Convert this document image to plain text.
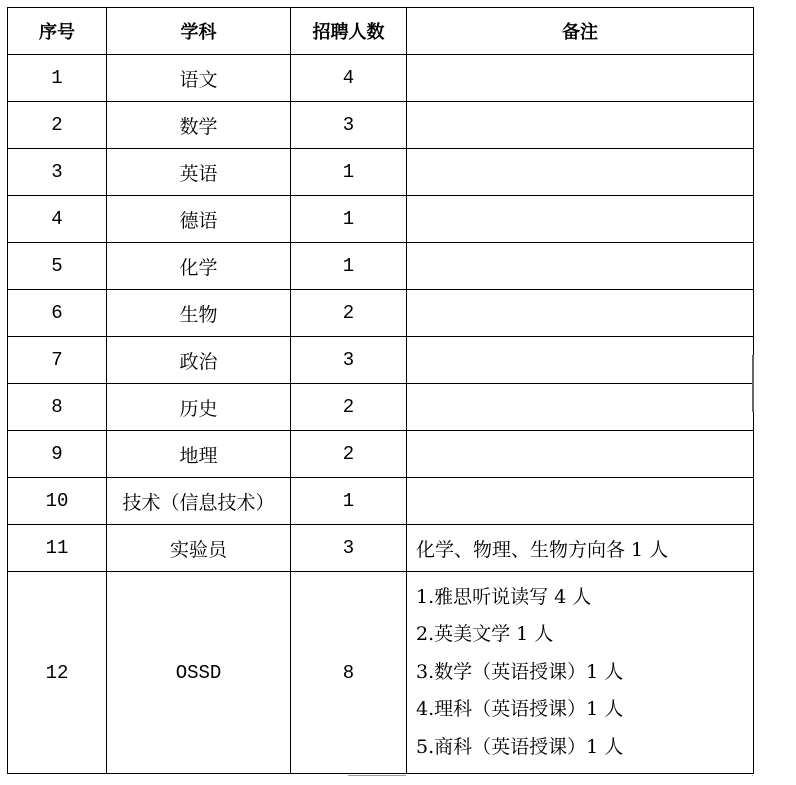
序号	学科	招聘人数	备注
1	语文	4	
2	数学	3	
3	英语	1	
4	德语	1	
5	化学	1	
6	生物	2	
7	政治	3	
8	历史	2	
9	地理	2	
10	技术（信息技术）	1	
11	实验员	3	化学、物理、生物方向各 1 人
12	OSSD	8	1.雅思听说读写 4 人
2.英美文学 1 人
3.数学（英语授课）1 人
4.理科（英语授课）1 人
5.商科（英语授课）1 人
